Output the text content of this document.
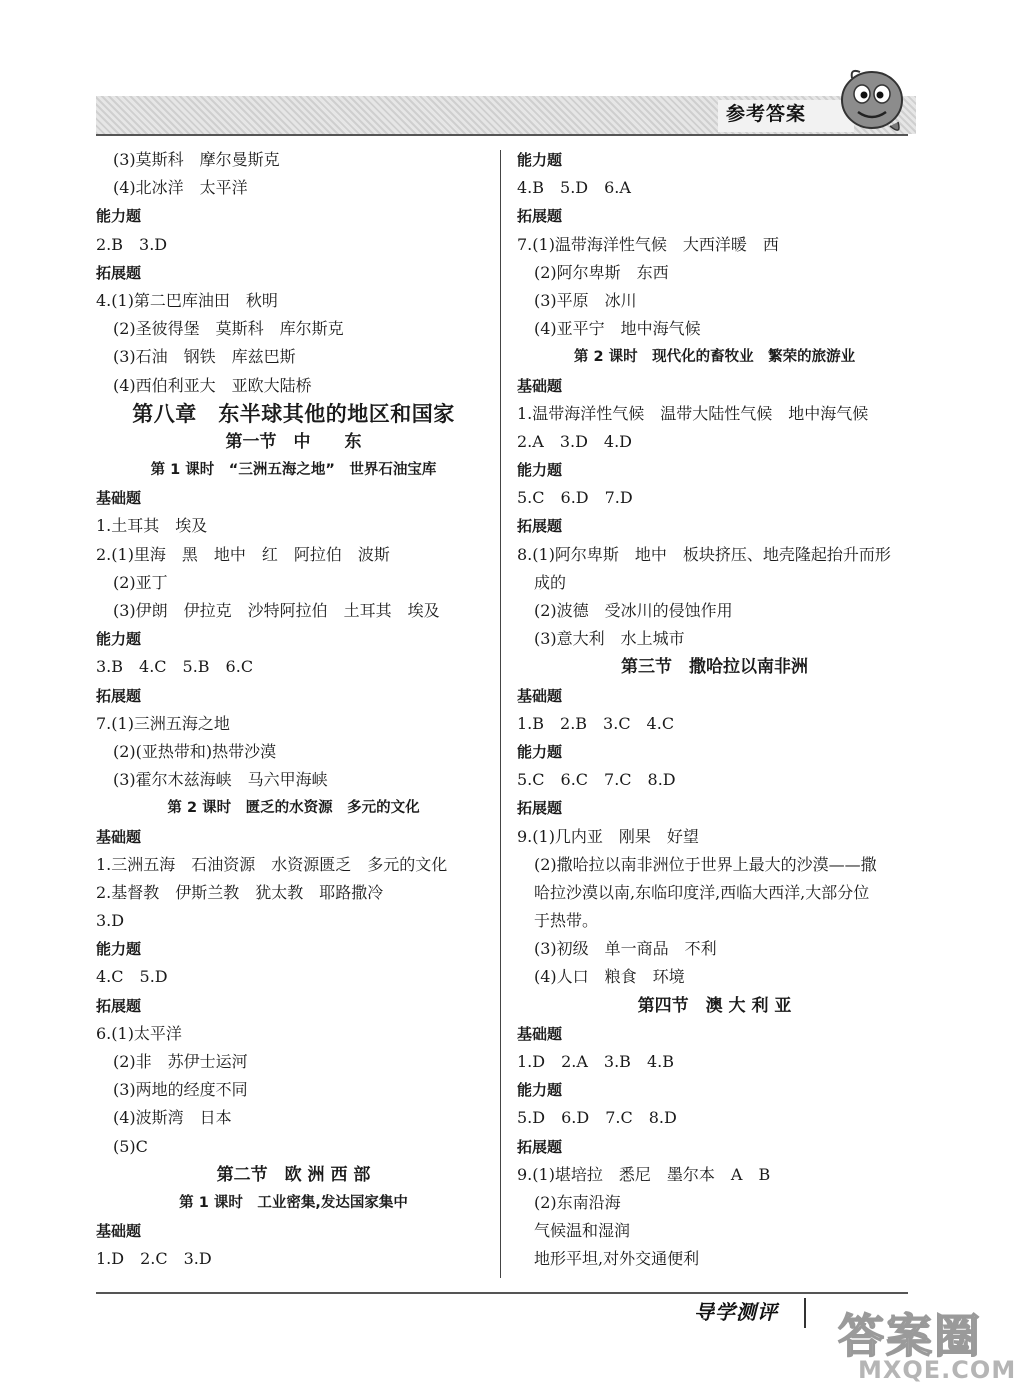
参考答案
(3)莫斯科　摩尔曼斯克
(4)北冰洋　太平洋
能力题
2.B　3.D
拓展题
4.(1)第二巴库油田　秋明
(2)圣彼得堡　莫斯科　库尔斯克
(3)石油　钢铁　库兹巴斯
(4)西伯利亚大　亚欧大陆桥
第八章　东半球其他的地区和国家
第一节　中　　东
第 1 课时　“三洲五海之地”　世界石油宝库
基础题
1.土耳其　埃及
2.(1)里海　黑　地中　红　阿拉伯　波斯
(2)亚丁
(3)伊朗　伊拉克　沙特阿拉伯　土耳其　埃及
能力题
3.B　4.C　5.B　6.C
拓展题
7.(1)三洲五海之地
(2)(亚热带和)热带沙漠
(3)霍尔木兹海峡　马六甲海峡
第 2 课时　匮乏的水资源　多元的文化
基础题
1.三洲五海　石油资源　水资源匮乏　多元的文化
2.基督教　伊斯兰教　犹太教　耶路撒冷
3.D
能力题
4.C　5.D
拓展题
6.(1)太平洋
(2)非　苏伊士运河
(3)两地的经度不同
(4)波斯湾　日本
(5)C
第二节　欧 洲 西 部
第 1 课时　工业密集,发达国家集中
基础题
1.D　2.C　3.D
能力题
4.B　5.D　6.A
拓展题
7.(1)温带海洋性气候　大西洋暖　西
(2)阿尔卑斯　东西
(3)平原　冰川
(4)亚平宁　地中海气候
第 2 课时　现代化的畜牧业　繁荣的旅游业
基础题
1.温带海洋性气候　温带大陆性气候　地中海气候
2.A　3.D　4.D
能力题
5.C　6.D　7.D
拓展题
8.(1)阿尔卑斯　地中　板块挤压、地壳隆起抬升而形
成的
(2)波德　受冰川的侵蚀作用
(3)意大利　水上城市
第三节　撒哈拉以南非洲
基础题
1.B　2.B　3.C　4.C
能力题
5.C　6.C　7.C　8.D
拓展题
9.(1)几内亚　刚果　好望
(2)撒哈拉以南非洲位于世界上最大的沙漠——撒
哈拉沙漠以南,东临印度洋,西临大西洋,大部分位
于热带。
(3)初级　单一商品　不利
(4)人口　粮食　环境
第四节　澳 大 利 亚
基础题
1.D　2.A　3.B　4.B
能力题
5.D　6.D　7.C　8.D
拓展题
9.(1)堪培拉　悉尼　墨尔本　A　B
(2)东南沿海
气候温和湿润
地形平坦,对外交通便利
导学测评 答案圈
MXQE.COM
